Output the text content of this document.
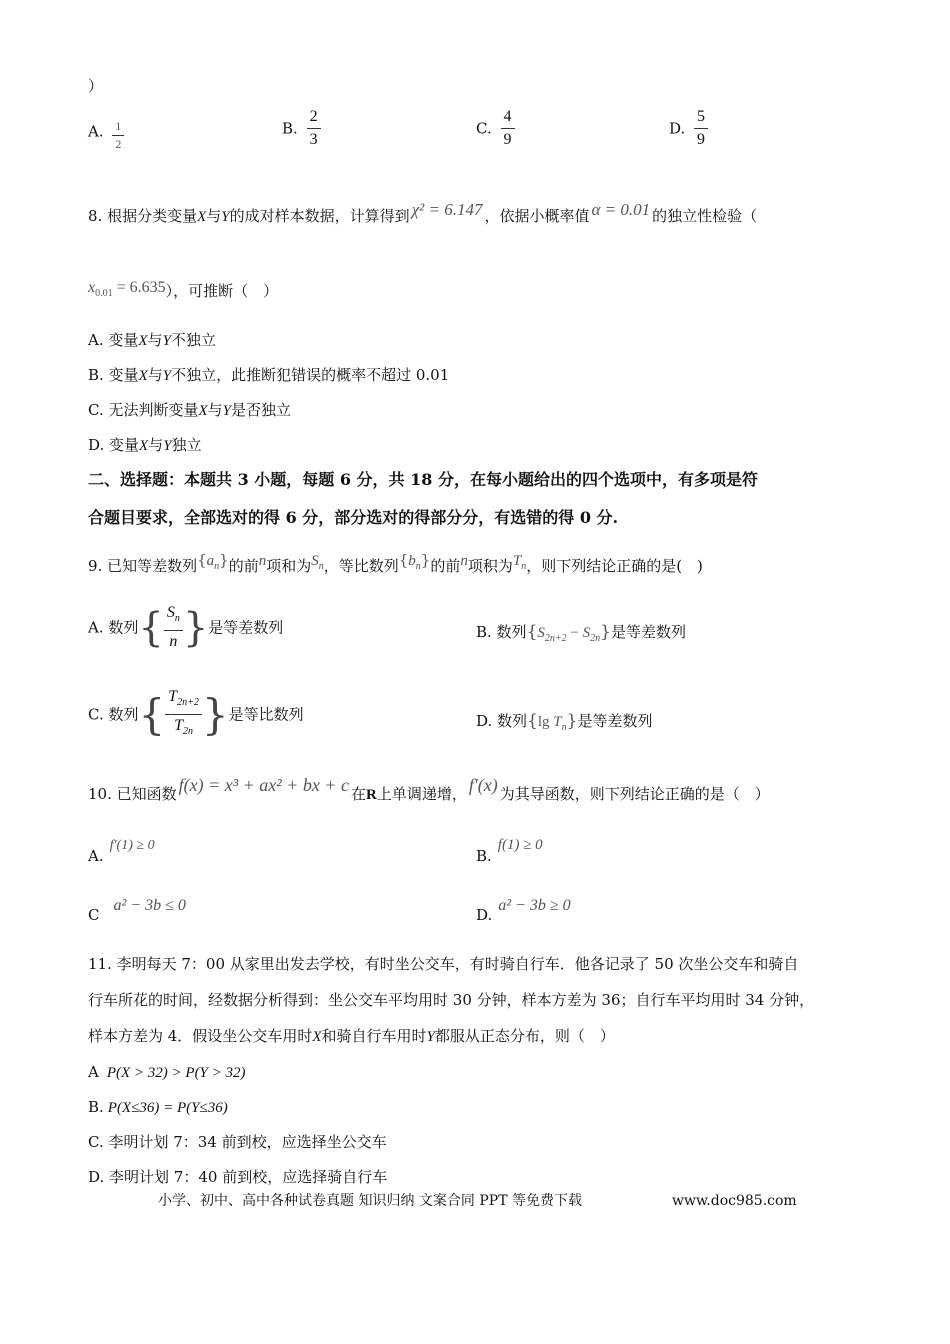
）
A. $\frac{1}{2}$	B. $\frac{2}{3}$	C. $\frac{4}{9}$	D. $\frac{5}{9}$
8. 根据分类变量X与Y的成对样本数据，计算得到 χ² = 6.147 ，依据小概率值 α = 0.01 的独立性检验（
$x_{0.01} = 6.635$），可推断（　）
A. 变量X与Y不独立
B. 变量X与Y不独立，此推断犯错误的概率不超过 0.01
C. 无法判断变量X与Y是否独立
D. 变量X与Y独立
二、选择题：本题共 3 小题，每题 6 分，共 18 分，在每小题给出的四个选项中，有多项是符
合题目要求，全部选对的得 6 分，部分选对的得部分分，有选错的得 0 分.
9. 已知等差数列$\{a_n\}$的前n项和为$S_n$，等比数列$\{b_n\}$的前n项积为$T_n$，则下列结论正确的是(　)
A. 数列{ $\frac{S_n}{n}$ }是等差数列	B. 数列$\{S_{2n+2} - S_{2n}\}$是等差数列
C. 数列{ $\frac{T_{2n+2}}{T_{2n}}$ }是等比数列	D. 数列{lg $T_n$}是等差数列
10. 已知函数 f(x) = x³ + ax² + bx + c 在R上单调递增， f′(x) 为其导函数，则下列结论正确的是（　）
A.f′(1) ≥ 0
B.f(1) ≥ 0
Ca² − 3b ≤ 0
D.a² − 3b ≥ 0
11. 李明每天 7：00 从家里出发去学校，有时坐公交车，有时骑自行车．他各记录了 50 次坐公交车和骑自
行车所花的时间，经数据分析得到：坐公交车平均用时 30 分钟，样本方差为 36；自行车平均用时 34 分钟，
样本方差为 4．假设坐公交车用时X和骑自行车用时Y都服从正态分布，则（　）
A P(X > 32) > P(Y > 32)
B. P(X≤36) = P(Y≤36)
C. 李明计划 7：34 前到校，应选择坐公交车
D. 李明计划 7：40 前到校，应选择骑自行车
小学、初中、高中各种试卷真题 知识归纳 文案合同 PPT 等免费下载	www.doc985.com
